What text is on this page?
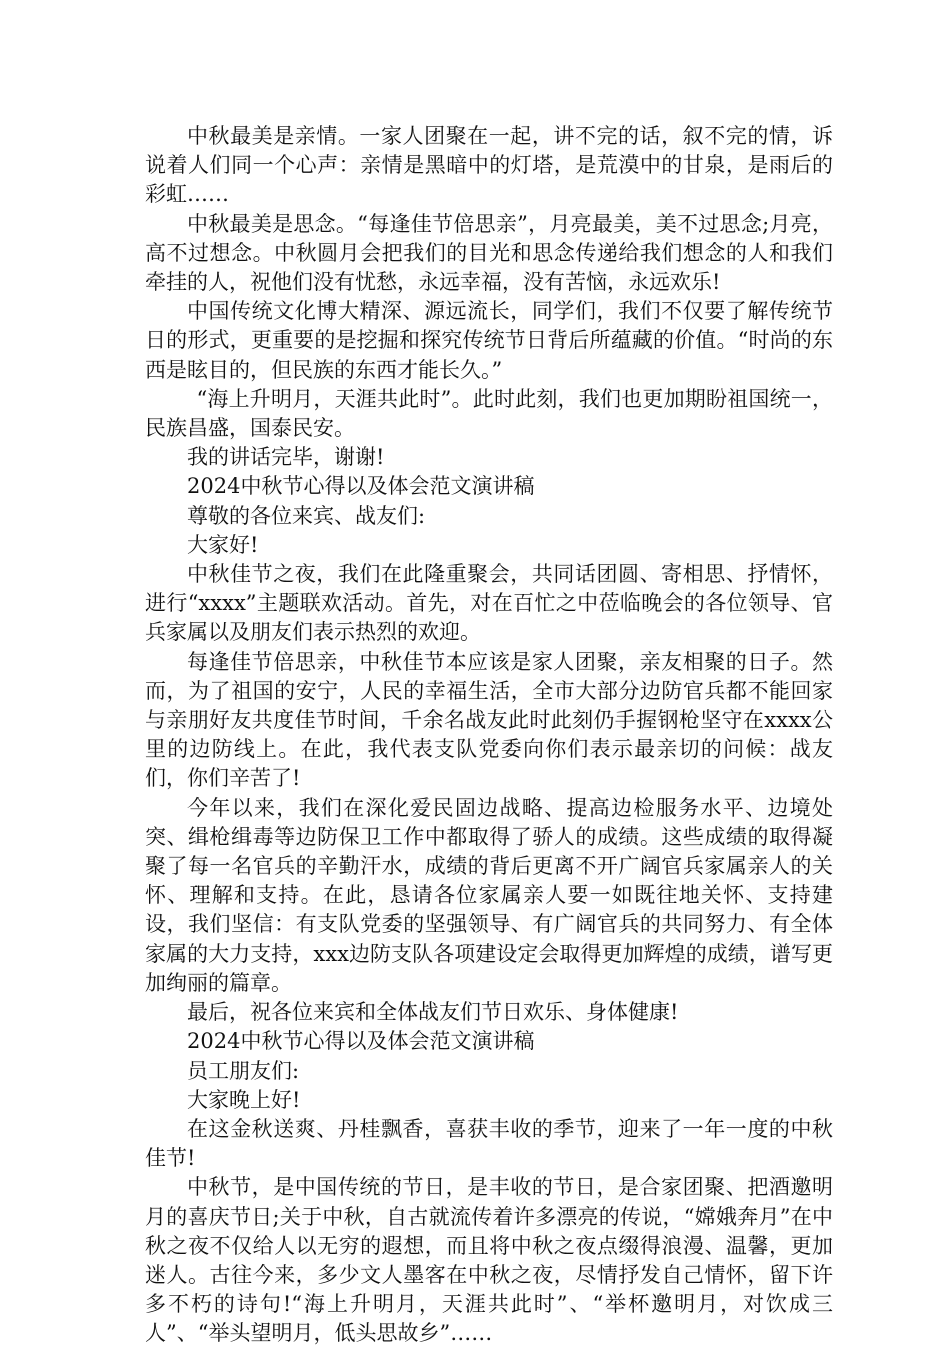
中秋最美是亲情。一家人团聚在一起，讲不完的话，叙不完的情，诉说着人们同一个心声：亲情是黑暗中的灯塔，是荒漠中的甘泉，是雨后的彩虹……

中秋最美是思念。“每逢佳节倍思亲”，月亮最美，美不过思念;月亮，高不过想念。中秋圆月会把我们的目光和思念传递给我们想念的人和我们牵挂的人，祝他们没有忧愁，永远幸福，没有苦恼，永远欢乐!

中国传统文化博大精深、源远流长，同学们，我们不仅要了解传统节日的形式，更重要的是挖掘和探究传统节日背后所蕴藏的价值。“时尚的东西是眩目的，但民族的东西才能长久。”

“海上升明月，天涯共此时”。此时此刻，我们也更加期盼祖国统一，民族昌盛，国泰民安。

我的讲话完毕，谢谢!

2024中秋节心得以及体会范文演讲稿

尊敬的各位来宾、战友们:

大家好!

中秋佳节之夜，我们在此隆重聚会，共同话团圆、寄相思、抒情怀，进行“xxxx”主题联欢活动。首先，对在百忙之中莅临晚会的各位领导、官兵家属以及朋友们表示热烈的欢迎。

每逢佳节倍思亲，中秋佳节本应该是家人团聚，亲友相聚的日子。然而，为了祖国的安宁，人民的幸福生活，全市大部分边防官兵都不能回家与亲朋好友共度佳节时间，千余名战友此时此刻仍手握钢枪坚守在xxxx公里的边防线上。在此，我代表支队党委向你们表示最亲切的问候：战友们，你们辛苦了!

今年以来，我们在深化爱民固边战略、提高边检服务水平、边境处突、缉枪缉毒等边防保卫工作中都取得了骄人的成绩。这些成绩的取得凝聚了每一名官兵的辛勤汗水，成绩的背后更离不开广阔官兵家属亲人的关怀、理解和支持。在此，恳请各位家属亲人要一如既往地关怀、支持建设，我们坚信：有支队党委的坚强领导、有广阔官兵的共同努力、有全体家属的大力支持，xxx边防支队各项建设定会取得更加辉煌的成绩，谱写更加绚丽的篇章。

最后，祝各位来宾和全体战友们节日欢乐、身体健康!

2024中秋节心得以及体会范文演讲稿

员工朋友们:

大家晚上好!

在这金秋送爽、丹桂飘香，喜获丰收的季节，迎来了一年一度的中秋佳节!

中秋节，是中国传统的节日，是丰收的节日，是合家团聚、把酒邀明月的喜庆节日;关于中秋，自古就流传着许多漂亮的传说，“嫦娥奔月”在中秋之夜不仅给人以无穷的遐想，而且将中秋之夜点缀得浪漫、温馨，更加迷人。古往今来，多少文人墨客在中秋之夜，尽情抒发自己情怀，留下许多不朽的诗句!“海上升明月，天涯共此时”、“举杯邀明月，对饮成三人”、“举头望明月，低头思故乡”……
